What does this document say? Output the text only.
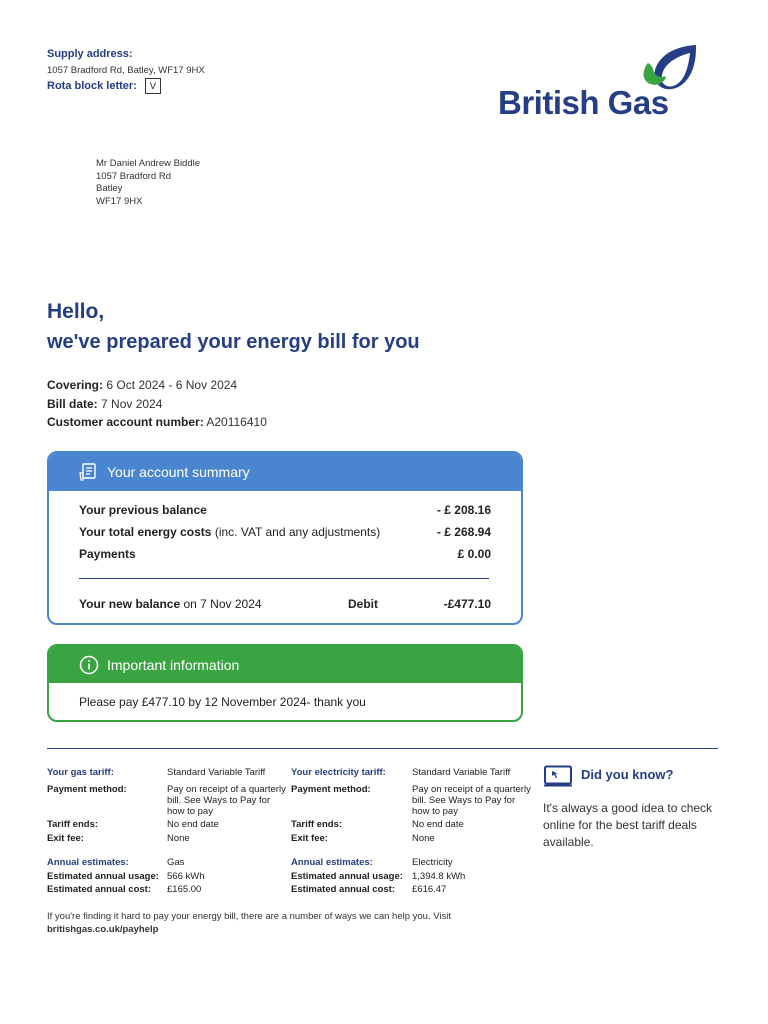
Supply address:
1057 Bradford Rd, Batley, WF17 9HX
Rota block letter:	V	British Gas
Mr Daniel Andrew Biddle
1057 Bradford Rd
Batley
WF17 9HX
Hello,
we've prepared your energy bill for you
Covering: 6 Oct 2024 - 6 Nov 2024
Bill date: 7 Nov 2024
Customer account number: A20116410
Your account summary
Your previous balance	- £ 208.16
Your total energy costs (inc. VAT and any adjustments)	- £ 268.94
Payments	£ 0.00
Your new balance on 7 Nov 2024	Debit	-£477.10
Important information
Please pay £477.10 by 12 November 2024- thank you
Your gas tariff:	Standard Variable Tariff
Payment method:	Pay on receipt of a quarterly bill. See Ways to Pay for how to pay
Tariff ends:	No end date
Exit fee:	None
Annual estimates:	Gas
Estimated annual usage: 566 kWh
Estimated annual cost: £165.00
Your electricity tariff:	Standard Variable Tariff
Payment method:	Pay on receipt of a quarterly bill. See Ways to Pay for how to pay
Tariff ends:	No end date
Exit fee:	None
Annual estimates:	Electricity
Estimated annual usage: 1,394.8 kWh
Estimated annual cost: £616.47
Did you know?
It's always a good idea to check online for the best tariff deals available.
If you're finding it hard to pay your energy bill, there are a number of ways we can help you. Visit britishgas.co.uk/payhelp
